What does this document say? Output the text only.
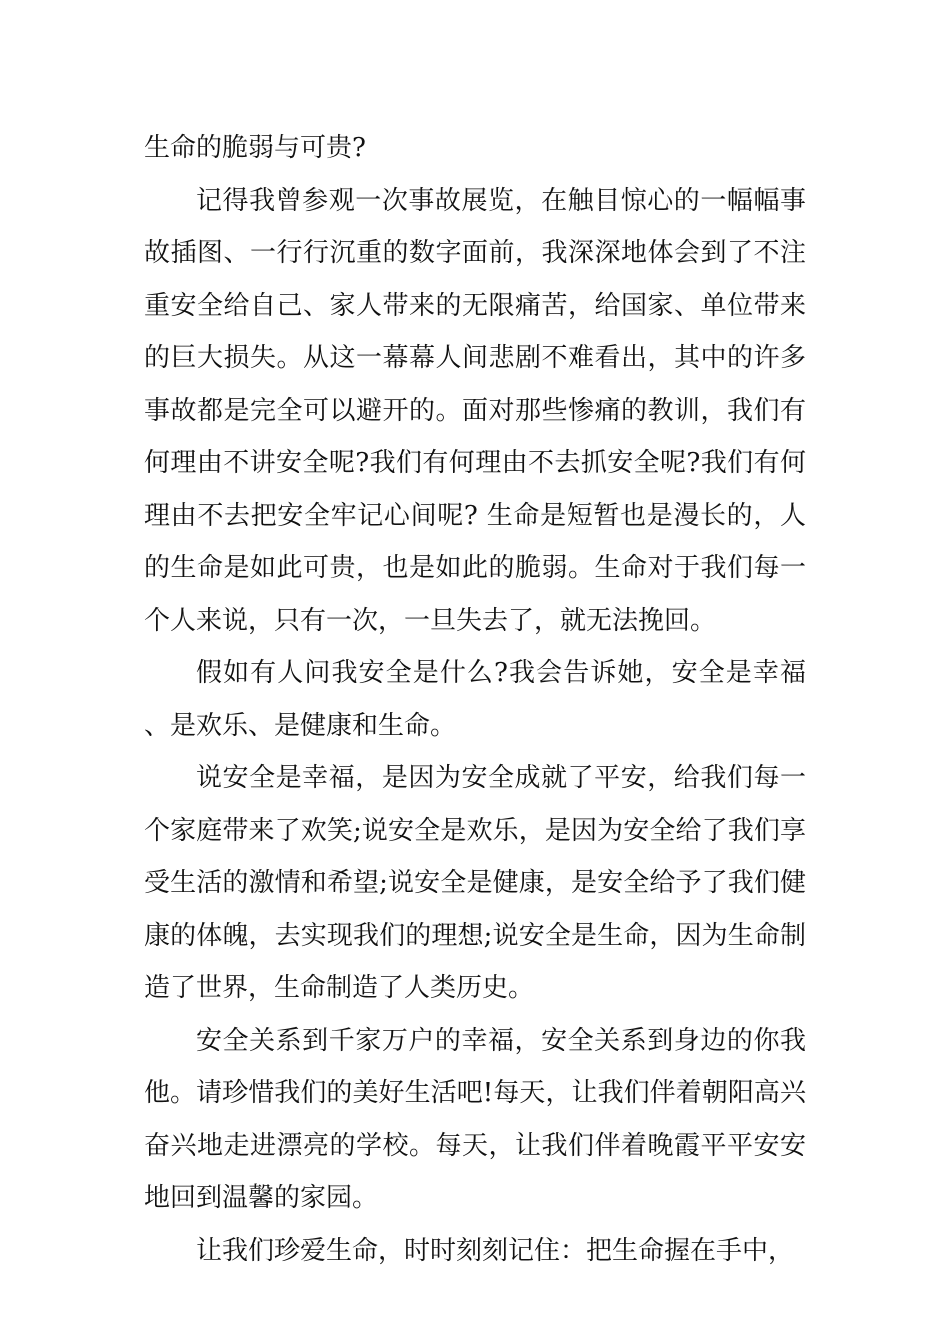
生命的脆弱与可贵?

记得我曾参观一次事故展览，在触目惊心的一幅幅事故插图、一行行沉重的数字面前，我深深地体会到了不注重安全给自己、家人带来的无限痛苦，给国家、单位带来的巨大损失。从这一幕幕人间悲剧不难看出，其中的许多事故都是完全可以避开的。面对那些惨痛的教训，我们有何理由不讲安全呢?我们有何理由不去抓安全呢?我们有何理由不去把安全牢记心间呢? 生命是短暂也是漫长的，人的生命是如此可贵，也是如此的脆弱。生命对于我们每一个人来说，只有一次，一旦失去了，就无法挽回。

假如有人问我安全是什么?我会告诉她，安全是幸福、是欢乐、是健康和生命。

说安全是幸福，是因为安全成就了平安，给我们每一个家庭带来了欢笑;说安全是欢乐，是因为安全给了我们享受生活的激情和希望;说安全是健康，是安全给予了我们健康的体魄，去实现我们的理想;说安全是生命，因为生命制造了世界，生命制造了人类历史。

安全关系到千家万户的幸福，安全关系到身边的你我他。请珍惜我们的美好生活吧!每天，让我们伴着朝阳高兴奋兴地走进漂亮的学校。每天，让我们伴着晚霞平平安安地回到温馨的家园。

让我们珍爱生命，时时刻刻记住：把生命握在手中，
